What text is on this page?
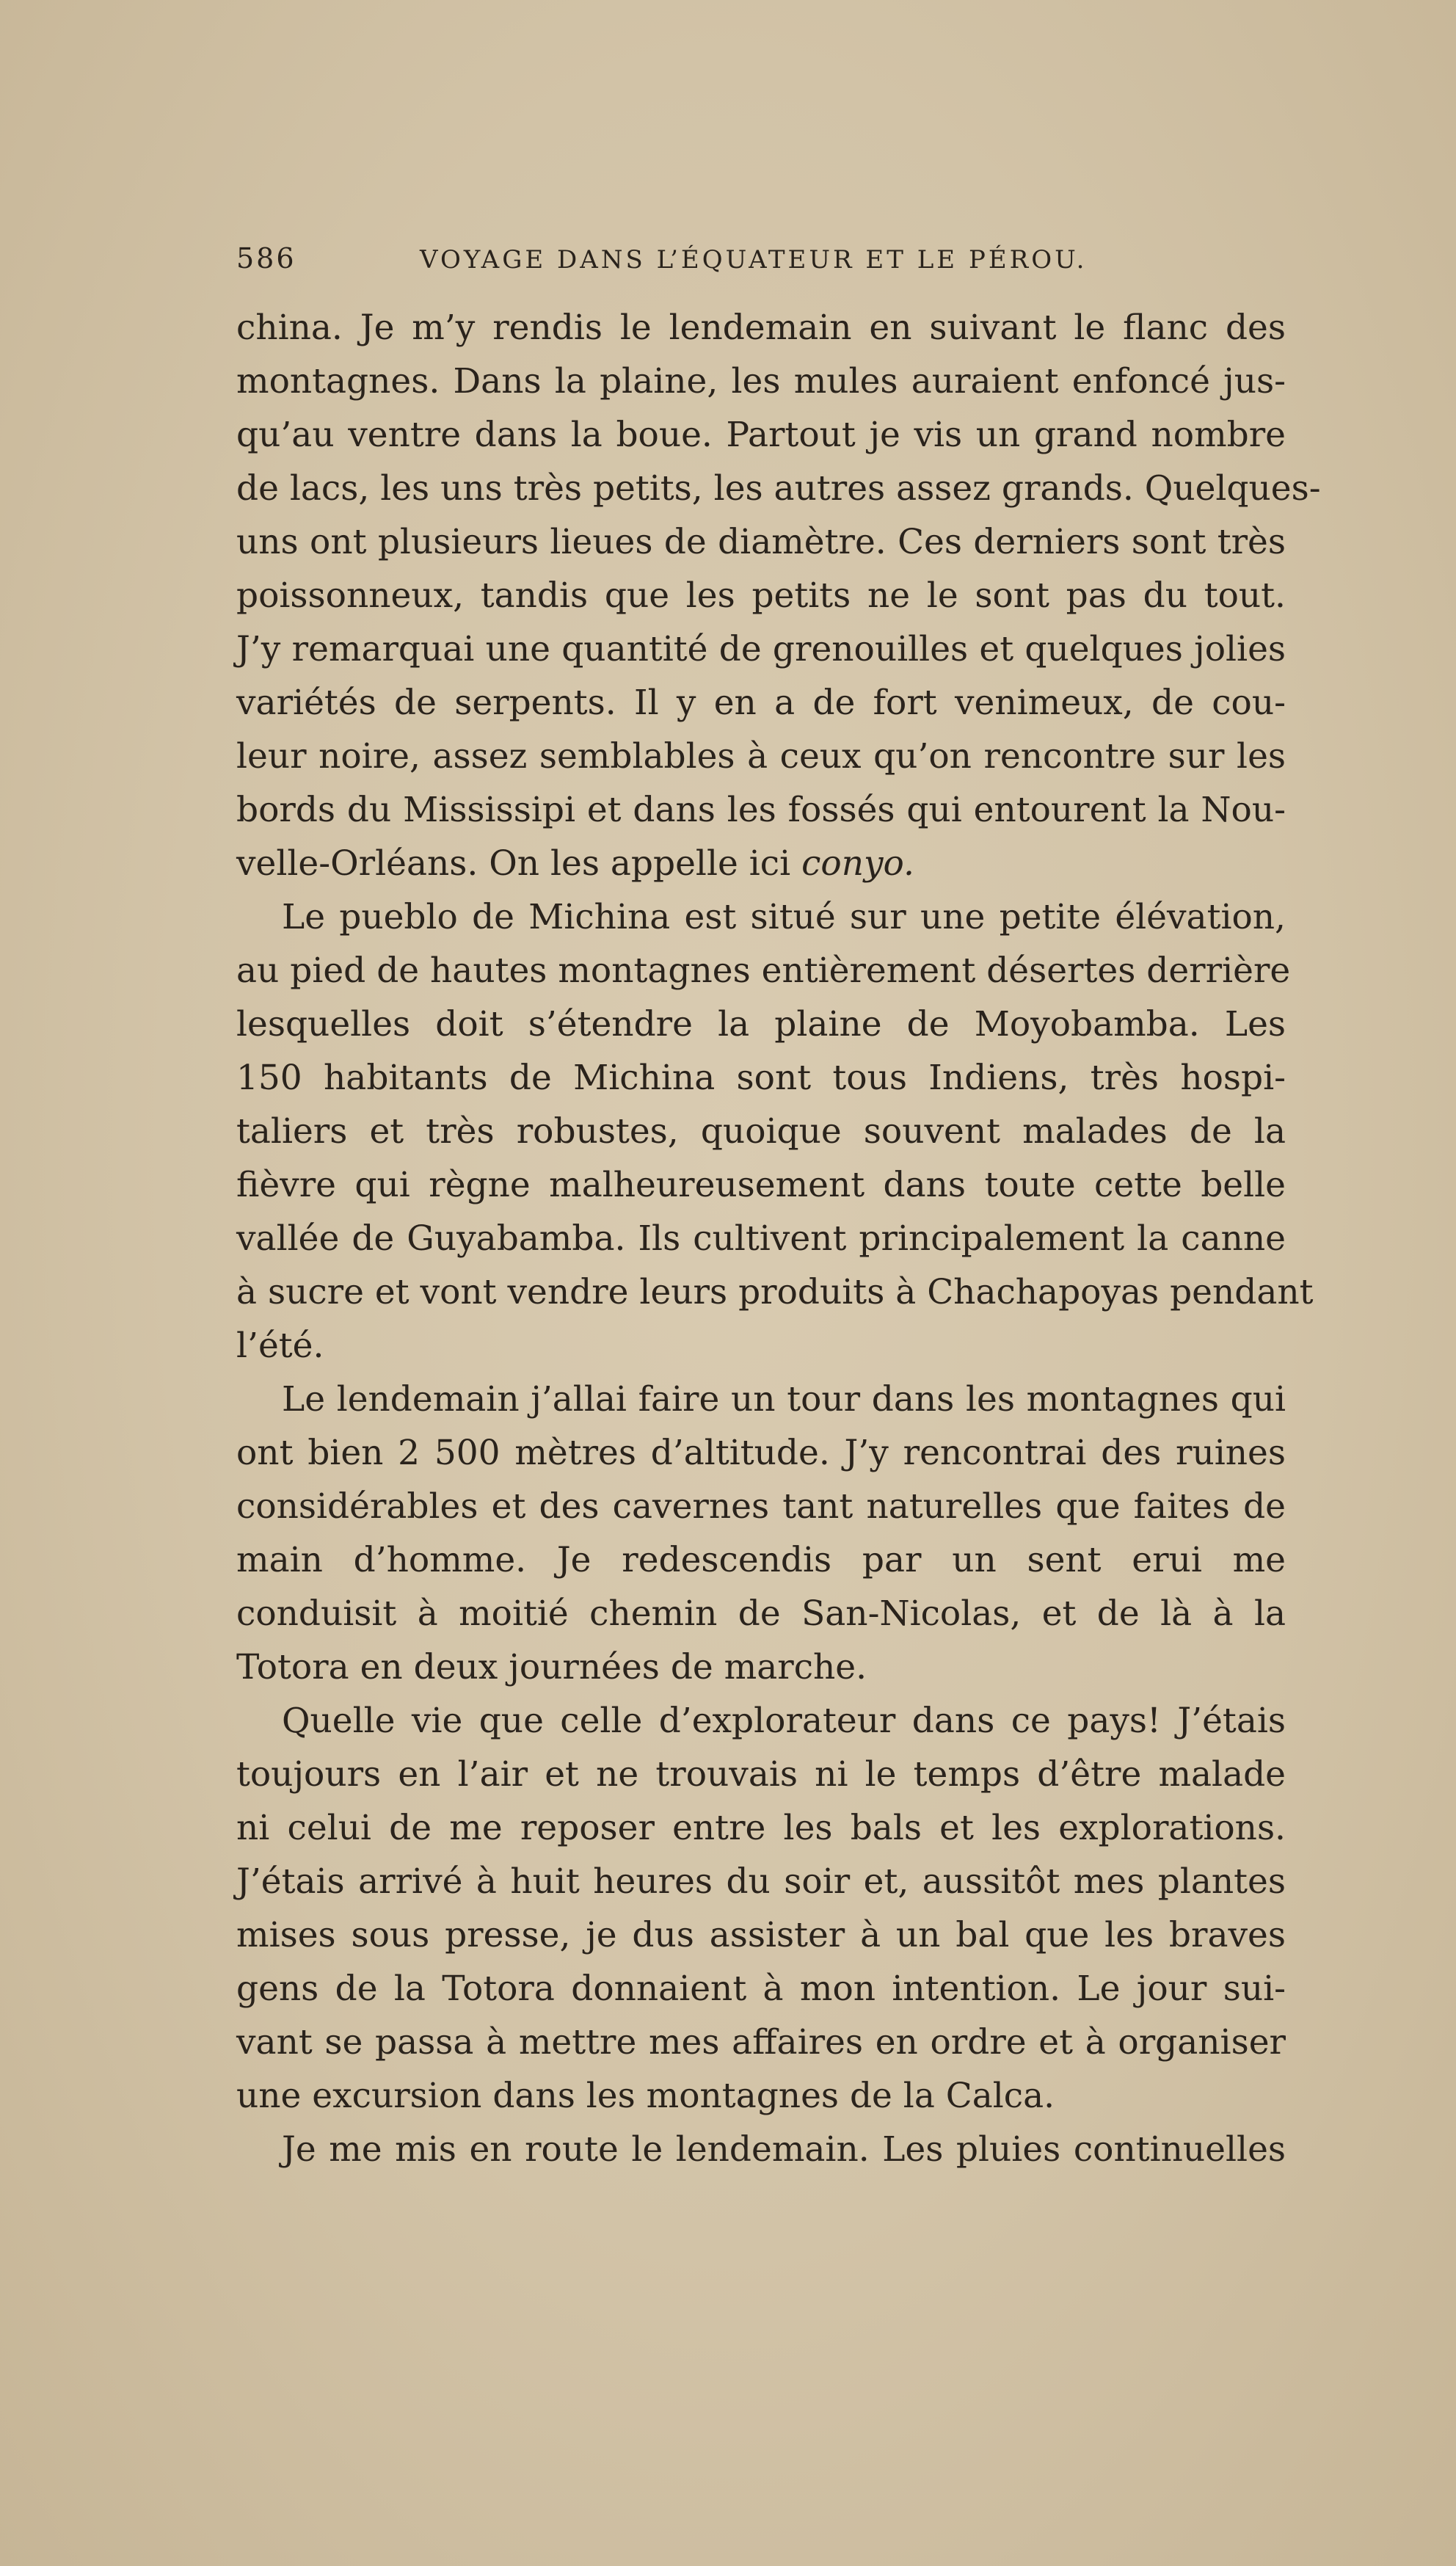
586	VOYAGE DANS L’ÉQUATEUR ET LE PÉROU.
china. Je m’y rendis le lendemain en suivant le flanc des
montagnes. Dans la plaine, les mules auraient enfoncé jus-
qu’au ventre dans la boue. Partout je vis un grand nombre
de lacs, les uns très petits, les autres assez grands. Quelques-
uns ont plusieurs lieues de diamètre. Ces derniers sont très
poissonneux, tandis que les petits ne le sont pas du tout.
J’y remarquai une quantité de grenouilles et quelques jolies
variétés de serpents. Il y en a de fort venimeux, de cou-
leur noire, assez semblables à ceux qu’on rencontre sur les
bords du Mississipi et dans les fossés qui entourent la Nou-
velle-Orléans. On les appelle ici conyo.
Le pueblo de Michina est situé sur une petite élévation,
au pied de hautes montagnes entièrement désertes derrière
lesquelles doit s’étendre la plaine de Moyobamba. Les
150 habitants de Michina sont tous Indiens, très hospi-
taliers et très robustes, quoique souvent malades de la
fièvre qui règne malheureusement dans toute cette belle
vallée de Guyabamba. Ils cultivent principalement la canne
à sucre et vont vendre leurs produits à Chachapoyas pendant
l’été.
Le lendemain j’allai faire un tour dans les montagnes qui
ont bien 2 500 mètres d’altitude. J’y rencontrai des ruines
considérables et des cavernes tant naturelles que faites de
main d’homme. Je redescendis par un sent erui me
conduisit à moitié chemin de San-Nicolas, et de là à la
Totora en deux journées de marche.
Quelle vie que celle d’explorateur dans ce pays! J’étais
toujours en l’air et ne trouvais ni le temps d’être malade
ni celui de me reposer entre les bals et les explorations.
J’étais arrivé à huit heures du soir et, aussitôt mes plantes
mises sous presse, je dus assister à un bal que les braves
gens de la Totora donnaient à mon intention. Le jour sui-
vant se passa à mettre mes affaires en ordre et à organiser
une excursion dans les montagnes de la Calca.
Je me mis en route le lendemain. Les pluies continuelles
